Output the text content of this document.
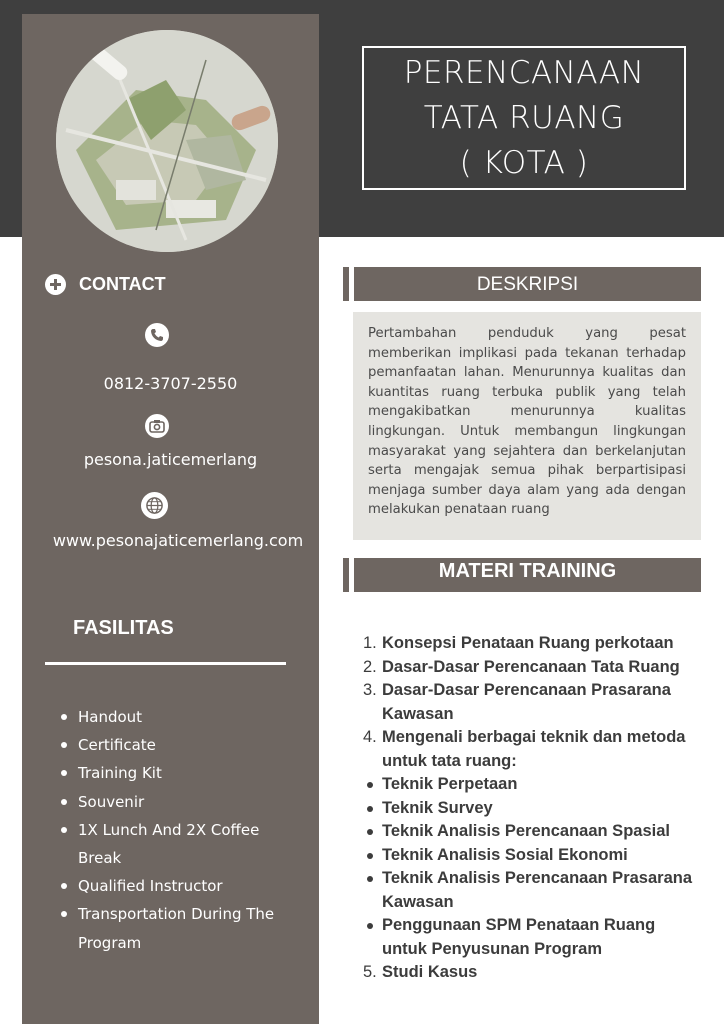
PERENCANAAN
TATA RUANG
( KOTA )
CONTACT
0812-3707-2550
pesona.jaticemerlang
www.pesonajaticemerlang.com
FASILITAS
Handout
Certificate
Training Kit
Souvenir
1X Lunch And 2X Coffee Break
Qualified Instructor
Transportation During The Program
DESKRIPSI

Pertambahan penduduk yang pesat memberikan implikasi pada tekanan terhadap pemanfaatan lahan. Menurunnya kualitas dan kuantitas ruang terbuka publik yang telah mengakibatkan menurunnya kualitas lingkungan. Untuk membangun lingkungan masyarakat yang sejahtera dan berkelanjutan serta mengajak semua pihak berpartisipasi menjaga sumber daya alam yang ada dengan melakukan penataan ruang

MATERI TRAINING
1. Konsepsi Penataan Ruang perkotaan
2. Dasar-Dasar Perencanaan Tata Ruang
3. Dasar-Dasar Perencanaan Prasarana Kawasan
4. Mengenali berbagai teknik dan metoda untuk tata ruang:
Teknik Perpetaan
Teknik Survey
Teknik Analisis Perencanaan Spasial
Teknik Analisis Sosial Ekonomi
Teknik Analisis Perencanaan Prasarana Kawasan
Penggunaan SPM Penataan Ruang untuk Penyusunan Program
5. Studi Kasus
